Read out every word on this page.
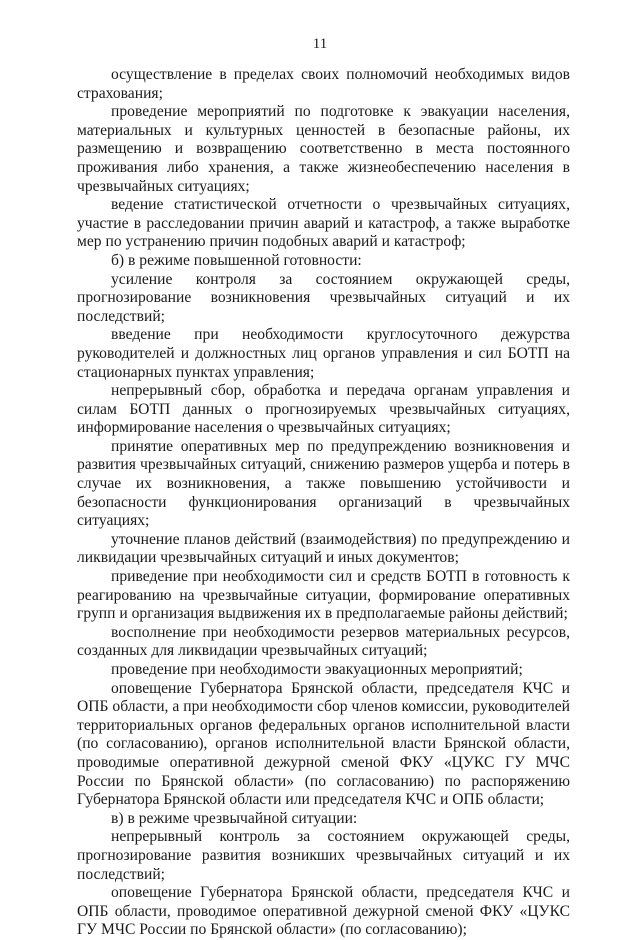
11

осуществление в пределах своих полномочий необходимых видов страхования;

проведение мероприятий по подготовке к эвакуации населения, материальных и культурных ценностей в безопасные районы, их размещению и возвращению соответственно в места постоянного проживания либо хранения, а также жизнеобеспечению населения в чрезвычайных ситуациях;

ведение статистической отчетности о чрезвычайных ситуациях, участие в расследовании причин аварий и катастроф, а также выработке мер по устранению причин подобных аварий и катастроф;

б) в режиме повышенной готовности:

усиление контроля за состоянием окружающей среды, прогнозирование возникновения чрезвычайных ситуаций и их последствий;

введение при необходимости круглосуточного дежурства руководителей и должностных лиц органов управления и сил БОТП на стационарных пунктах управления;

непрерывный сбор, обработка и передача органам управления и силам БОТП данных о прогнозируемых чрезвычайных ситуациях, информирование населения о чрезвычайных ситуациях;

принятие оперативных мер по предупреждению возникновения и развития чрезвычайных ситуаций, снижению размеров ущерба и потерь в случае их возникновения, а также повышению устойчивости и безопасности функционирования организаций в чрезвычайных ситуациях;

уточнение планов действий (взаимодействия) по предупреждению и ликвидации чрезвычайных ситуаций и иных документов;

приведение при необходимости сил и средств БОТП в готовность к реагированию на чрезвычайные ситуации, формирование оперативных групп и организация выдвижения их в предполагаемые районы действий;

восполнение при необходимости резервов материальных ресурсов, созданных для ликвидации чрезвычайных ситуаций;

проведение при необходимости эвакуационных мероприятий;

оповещение Губернатора Брянской области, председателя КЧС и ОПБ области, а при необходимости сбор членов комиссии, руководителей территориальных органов федеральных органов исполнительной власти (по согласованию), органов исполнительной власти Брянской области, проводимые оперативной дежурной сменой ФКУ «ЦУКС ГУ МЧС России по Брянской области» (по согласованию) по распоряжению Губернатора Брянской области или председателя КЧС и ОПБ области;

в) в режиме чрезвычайной ситуации:

непрерывный контроль за состоянием окружающей среды, прогнозирование развития возникших чрезвычайных ситуаций и их последствий;

оповещение Губернатора Брянской области, председателя КЧС и ОПБ области, проводимое оперативной дежурной сменой ФКУ «ЦУКС ГУ МЧС России по Брянской области» (по согласованию);
